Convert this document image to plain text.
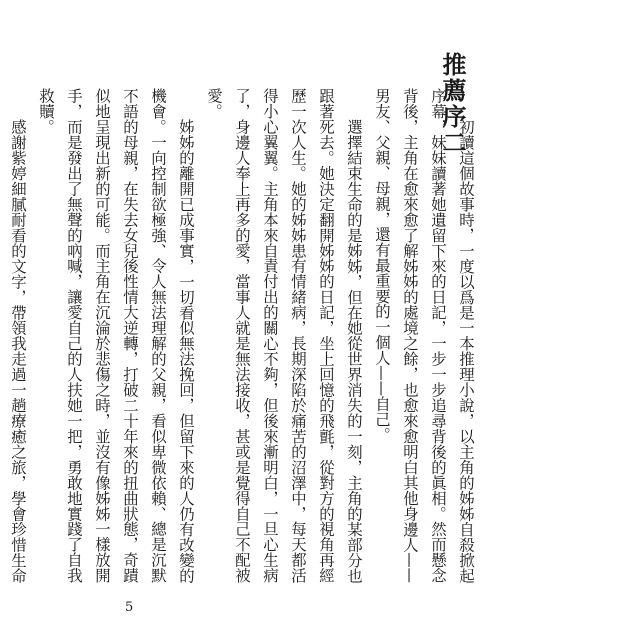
推薦序二

初讀這個故事時，一度以爲是一本推理小說，以主角的姊姊自殺掀起序幕，妹妹讀著她遺留下來的日記，一步一步追尋背後的眞相。然而懸念背後，主角在愈來愈了解姊姊的處境之餘，也愈來愈明白其他身邊人——男友、父親、母親，還有最重要的一個人——自己。

選擇結束生命的是姊姊，但在她從世界消失的一刻，主角的某部分也跟著死去。她決定翻開姊姊的日記，坐上回憶的飛氈，從對方的視角再經歷一次人生。她的姊姊患有情緒病，長期深陷於痛苦的沼澤中，每天都活得小心翼翼。主角本來自責付出的關心不夠，但後來漸明白，一旦心生病了，身邊人奉上再多的愛，當事人就是無法接收，甚或是覺得自己不配被愛。

姊姊的離開已成事實，一切看似無法挽回，但留下來的人仍有改變的機會。一向控制欲極強、令人無法理解的父親，看似卑微依賴、總是沉默不語的母親，在失去女兒後性情大逆轉，打破二十年來的扭曲狀態，奇蹟似地呈現出新的可能。而主角在沉淪於悲傷之時，並沒有像姊姊一樣放開手，而是發出了無聲的吶喊，讓愛自己的人扶她一把，勇敢地實踐了自我救贖。

感謝紫婷細膩耐看的文字，帶領我走過一趟療癒之旅，學會珍惜生命

5
